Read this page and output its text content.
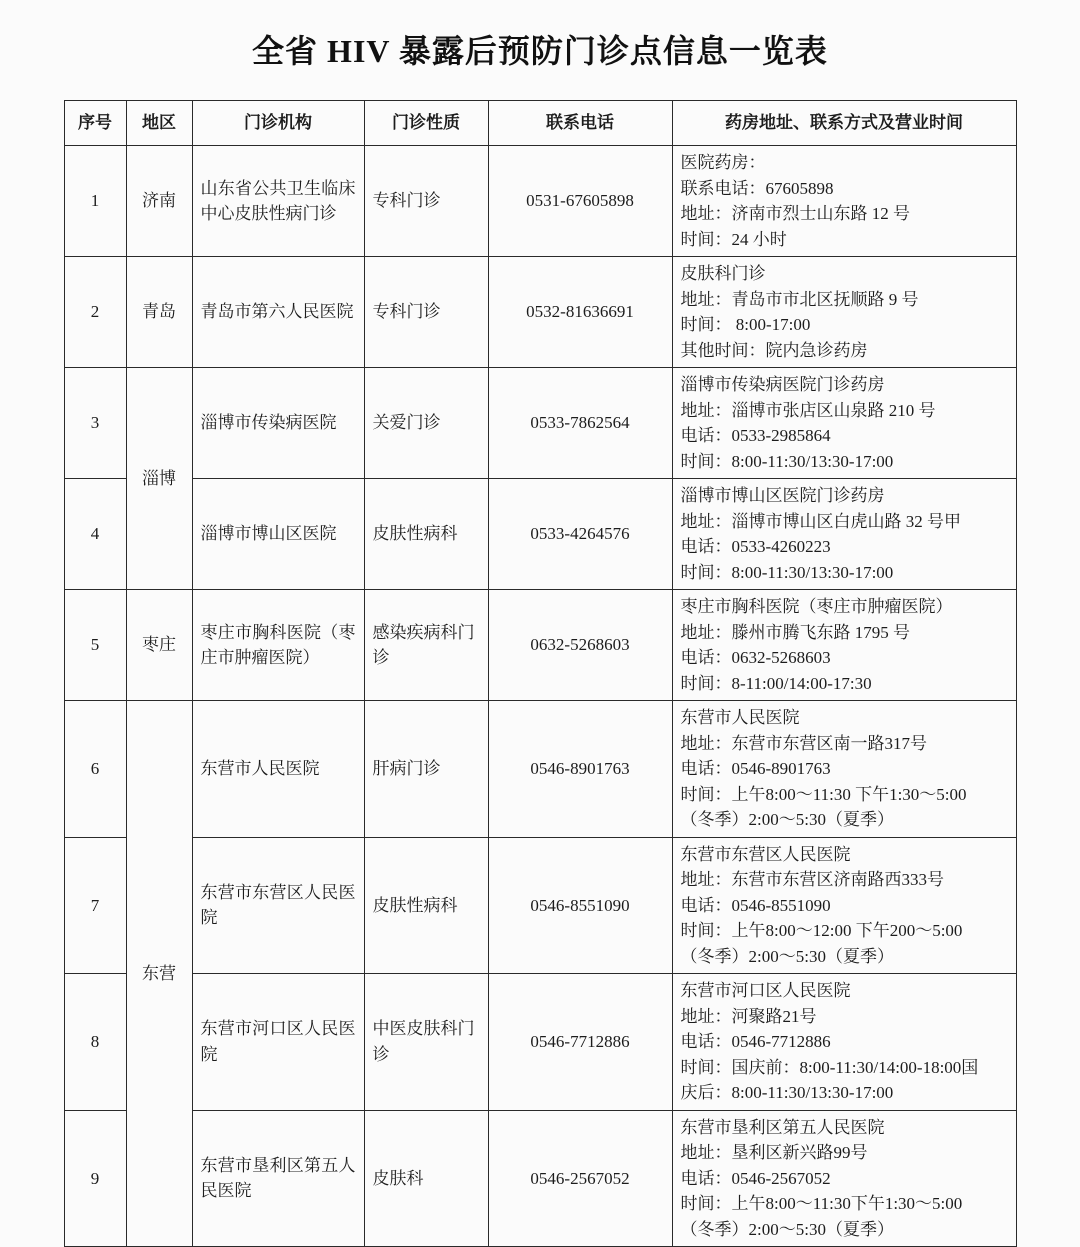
全省 HIV 暴露后预防门诊点信息一览表
序号	地区	门诊机构	门诊性质	联系电话	药房地址、联系方式及营业时间
1	济南	山东省公共卫生临床中心皮肤性病门诊	专科门诊	0531-67605898	医院药房：
联系电话：67605898
地址：济南市烈士山东路 12 号
时间：24 小时

2	青岛	青岛市第六人民医院	专科门诊	0532-81636691	皮肤科门诊
地址：青岛市市北区抚顺路 9 号
时间： 8:00-17:00
其他时间：院内急诊药房

3	淄博	淄博市传染病医院	关爱门诊	0533-7862564	淄博市传染病医院门诊药房
地址：淄博市张店区山泉路 210 号
电话：0533-2985864
时间：8:00-11:30/13:30-17:00

4		淄博市博山区医院	皮肤性病科	0533-4264576	淄博市博山区医院门诊药房
地址：淄博市博山区白虎山路 32 号甲
电话：0533-4260223
时间：8:00-11:30/13:30-17:00

5	枣庄	枣庄市胸科医院（枣庄市肿瘤医院）	感染疾病科门诊	0632-5268603	枣庄市胸科医院（枣庄市肿瘤医院）
地址：滕州市腾飞东路 1795 号
电话：0632-5268603
时间：8-11:00/14:00-17:30

6	东营	东营市人民医院	肝病门诊	0546-8901763	东营市人民医院
地址：东营市东营区南一路317号
电话：0546-8901763
时间：上午8:00～11:30 下午1:30～5:00
（冬季）2:00～5:30（夏季）

7		东营市东营区人民医院	皮肤性病科	0546-8551090	东营市东营区人民医院
地址：东营市东营区济南路西333号
电话：0546-8551090
时间：上午8:00～12:00 下午200～5:00
（冬季）2:00～5:30（夏季）

8		东营市河口区人民医院	中医皮肤科门诊	0546-7712886	东营市河口区人民医院
地址：河聚路21号
电话：0546-7712886
时间：国庆前：8:00-11:30/14:00-18:00国
庆后：8:00-11:30/13:30-17:00

9		东营市垦利区第五人民医院	皮肤科	0546-2567052	东营市垦利区第五人民医院
地址：垦利区新兴路99号
电话：0546-2567052
时间：上午8:00～11:30下午1:30～5:00
（冬季）2:00～5:30（夏季）
